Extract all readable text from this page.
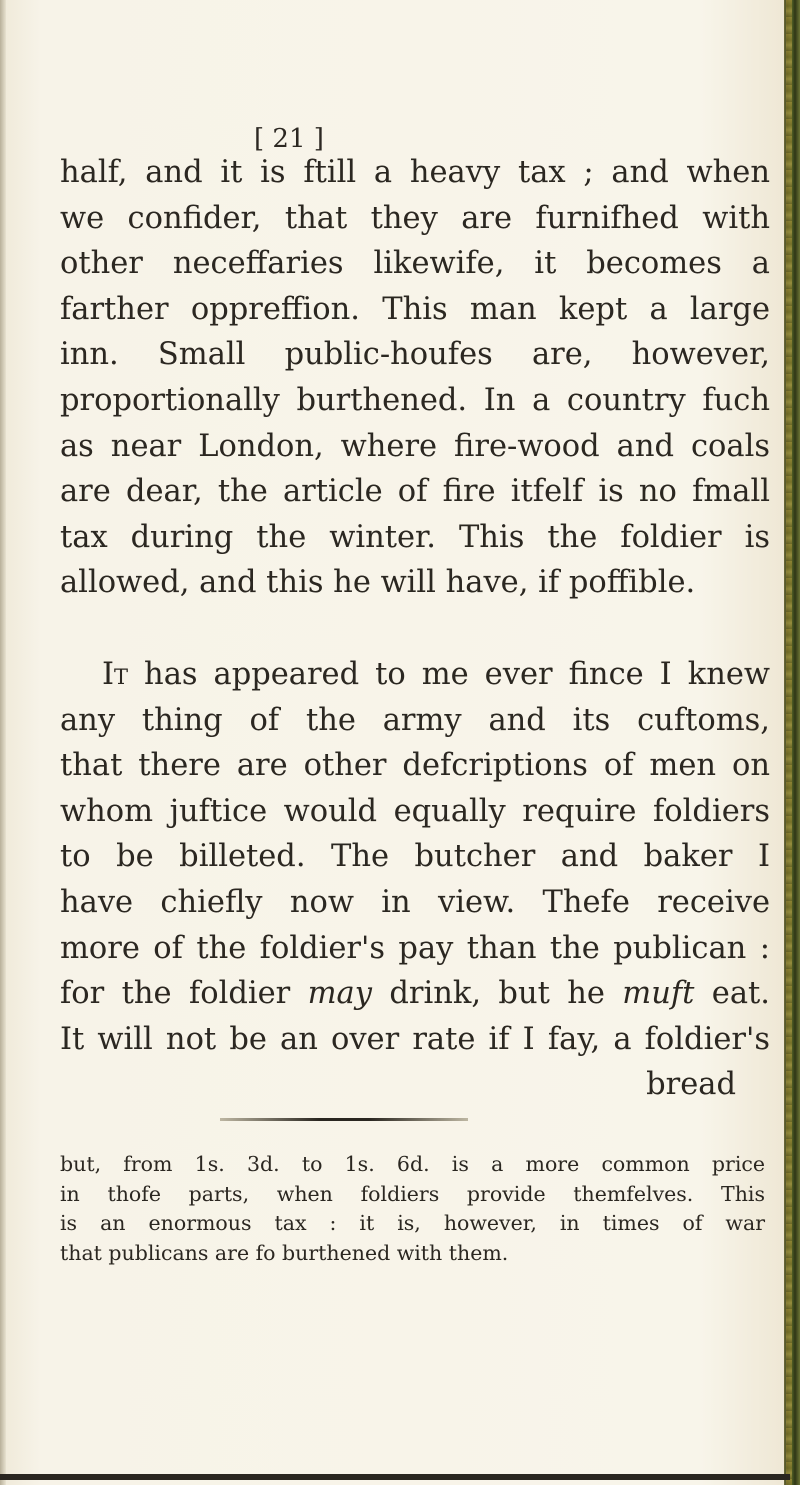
[ 21 ]

half, and it is ftill a heavy tax ; and when
we confider, that they are furnifhed with
other neceffaries likewife, it becomes a
farther oppreffion. This man kept a large
inn. Small public-houfes are, however,
proportionally burthened. In a country fuch
as near London, where fire-wood and coals
are dear, the article of fire itfelf is no fmall
tax during the winter. This the foldier is
allowed, and this he will have, if poffible.

It has appeared to me ever fince I knew
any thing of the army and its cuftoms,
that there are other defcriptions of men on
whom juftice would equally require foldiers
to be billeted. The butcher and baker I
have chiefly now in view. Thefe receive
more of the foldier's pay than the publican :
for the foldier may drink, but he muft eat.
It will not be an over rate if I fay, a foldier's
bread

but, from 1s. 3d. to 1s. 6d. is a more common price
in thofe parts, when foldiers provide themfelves. This
is an enormous tax : it is, however, in times of war
that publicans are fo burthened with them.
